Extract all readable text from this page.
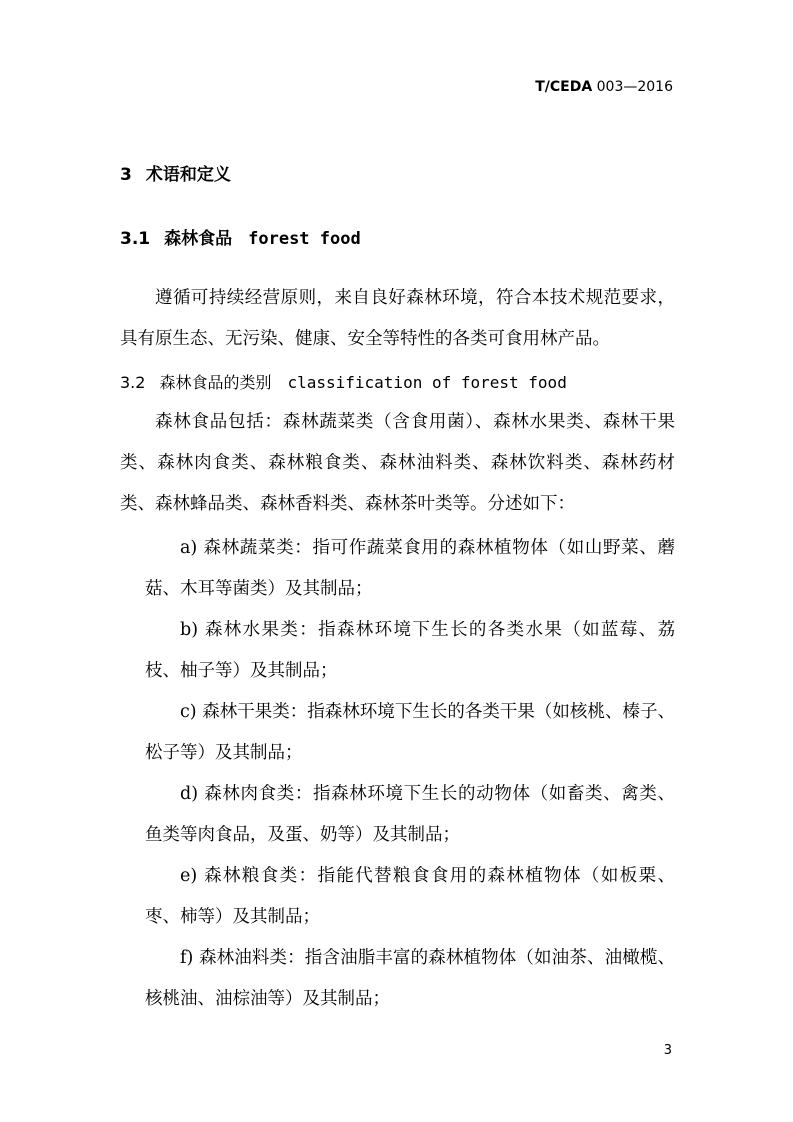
T/CEDA 003—2016
3 术语和定义
3.1 森林食品 forest food

遵循可持续经营原则，来自良好森林环境，符合本技术规范要求，具有原生态、无污染、健康、安全等特性的各类可食用林产品。

3.2 森林食品的类别 classification of forest food

森林食品包括：森林蔬菜类（含食用菌）、森林水果类、森林干果类、森林肉食类、森林粮食类、森林油料类、森林饮料类、森林药材类、森林蜂品类、森林香料类、森林茶叶类等。分述如下：

a) 森林蔬菜类：指可作蔬菜食用的森林植物体（如山野菜、蘑菇、木耳等菌类）及其制品；

b) 森林水果类：指森林环境下生长的各类水果（如蓝莓、荔枝、柚子等）及其制品；

c) 森林干果类：指森林环境下生长的各类干果（如核桃、榛子、松子等）及其制品；

d) 森林肉食类：指森林环境下生长的动物体（如畜类、禽类、鱼类等肉食品，及蛋、奶等）及其制品；

e) 森林粮食类：指能代替粮食食用的森林植物体（如板栗、枣、柿等）及其制品；

f) 森林油料类：指含油脂丰富的森林植物体（如油茶、油橄榄、核桃油、油棕油等）及其制品；

3
